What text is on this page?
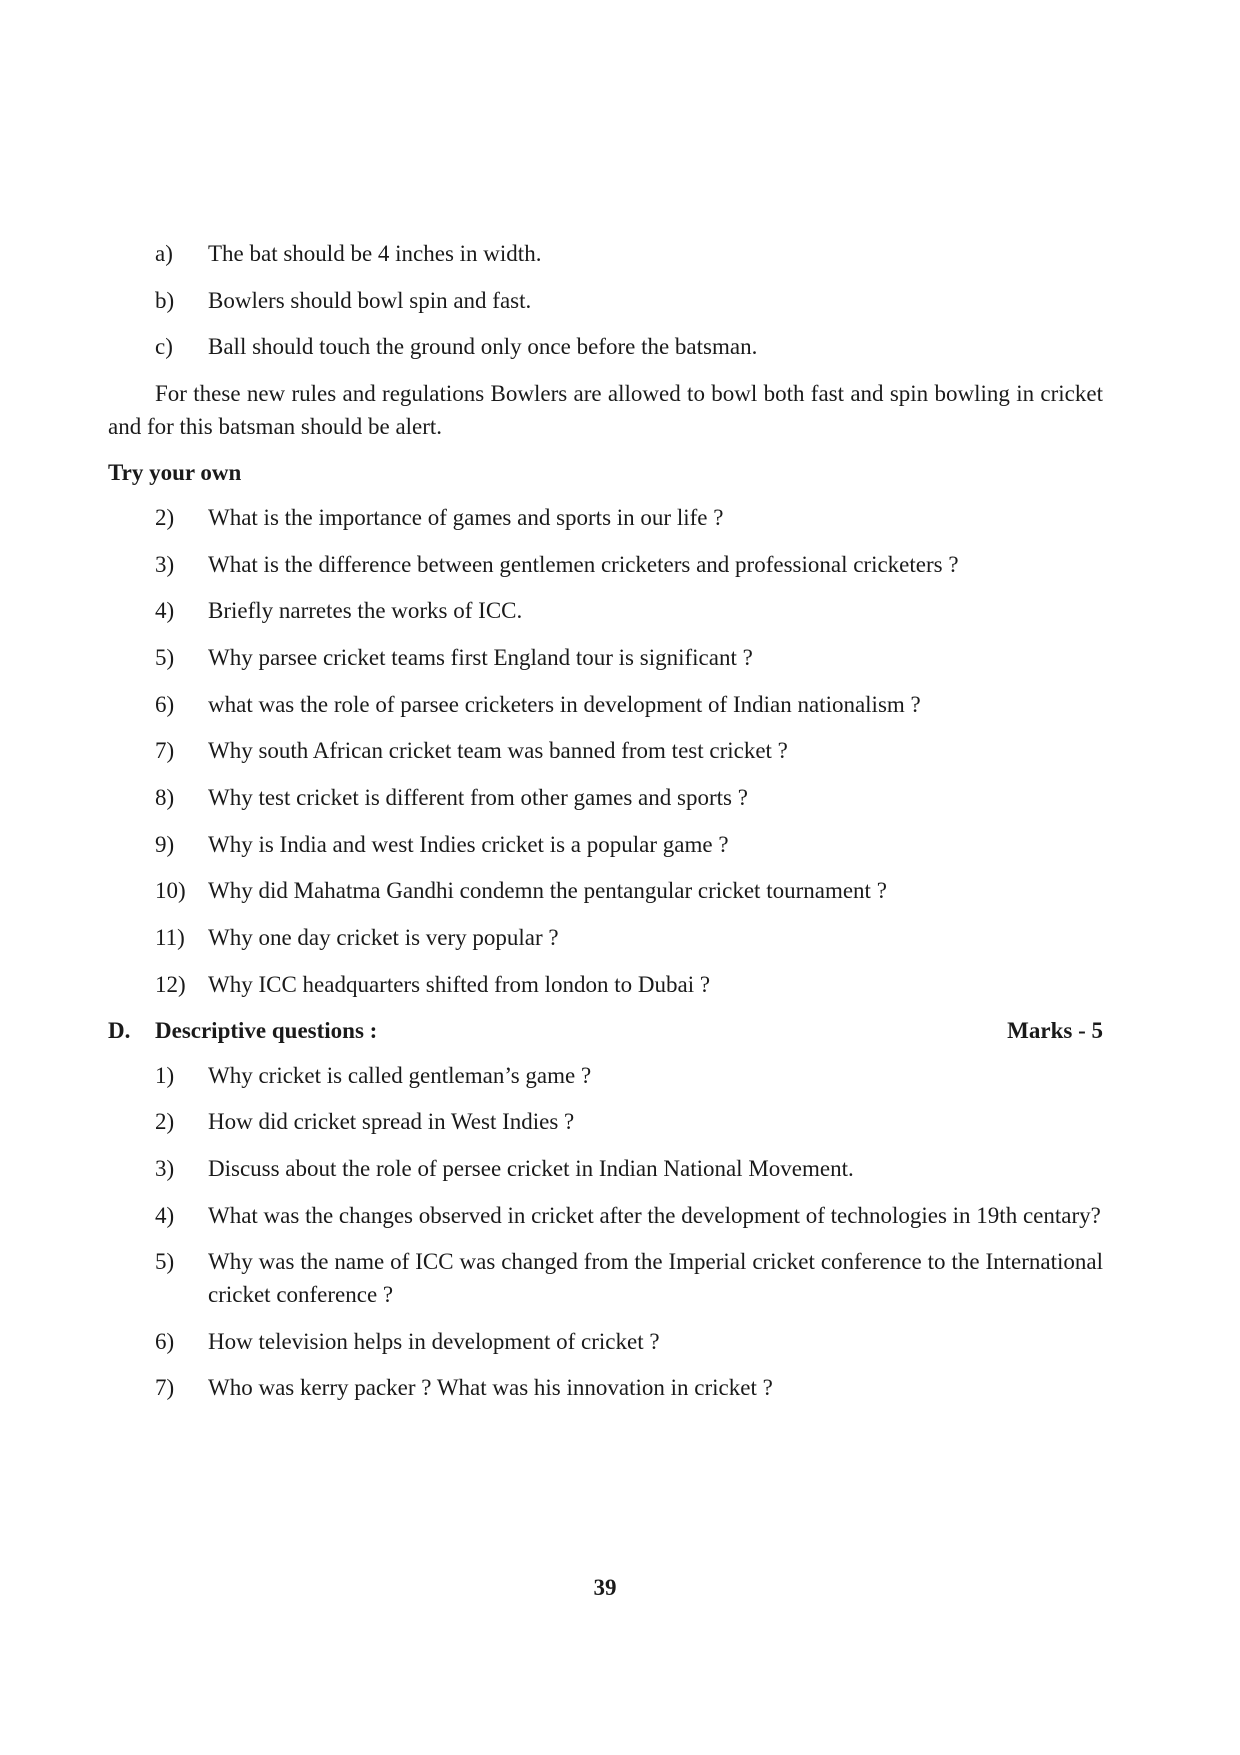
a)	The bat should be 4 inches in width.
b)	Bowlers should bowl spin and fast.
c)	Ball should touch the ground only once before the batsman.

For these new rules and regulations Bowlers are allowed to bowl both fast and spin bowling in cricket and for this batsman should be alert.

Try your own
2)	What is the importance of games and sports in our life ?
3)	What is the difference between gentlemen cricketers and professional cricketers ?
4)	Briefly narretes the works of ICC.
5)	Why parsee cricket teams first England tour is significant ?
6)	what was the role of parsee cricketers in development of Indian nationalism ?
7)	Why south African cricket team was banned from test cricket ?
8)	Why test cricket is different from other games and sports ?
9)	Why is India and west Indies cricket is a popular game ?
10) Why did Mahatma Gandhi condemn the pentangular cricket tournament ?
11)	Why one day cricket is very popular ?
12) Why ICC headquarters shifted from london to Dubai ?
D.	Descriptive questions :	Marks - 5
1)	Why cricket is called gentleman’s game ?
2)	How did cricket spread in West Indies ?
3)	Discuss about the role of persee cricket in Indian National Movement.
4)	What was the changes observed in cricket after the development of technologies in 19th centary?
5)	Why was the name of ICC was changed from the Imperial cricket conference to the International cricket conference ?
6)	How television helps in development of cricket ?
7)	Who was kerry packer ? What was his innovation in cricket ?
39
